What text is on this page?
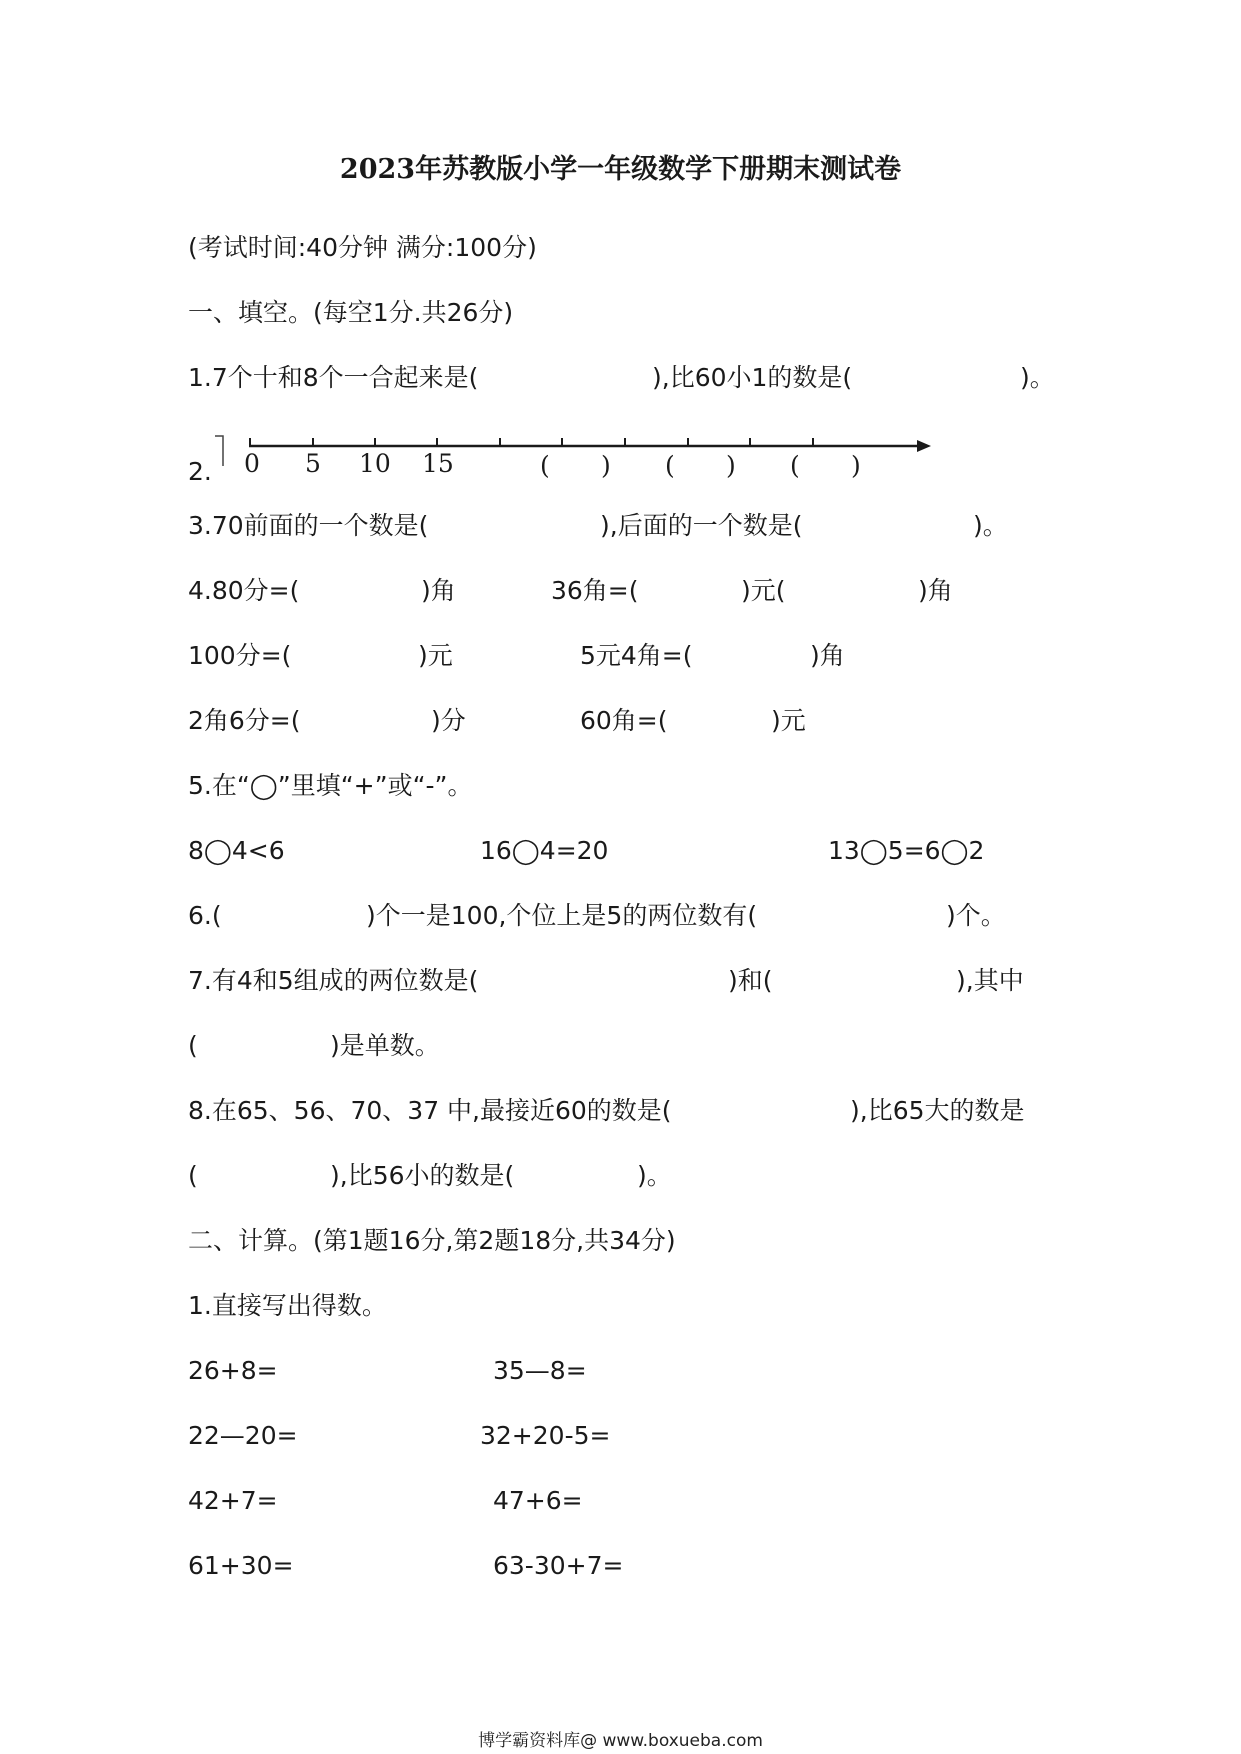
2023年苏教版小学一年级数学下册期末测试卷
(考试时间:40分钟 满分:100分)
一、填空。(每空1分.共26分)
1.7个十和8个一合起来是(	),比60小1的数是(	)。
2. 0 5 10 15	( ) ( ) ( )
3.70前面的一个数是(	),后面的一个数是(	)。
4.80分=(	)角	36角=(	)元(	)角
100分=(	)元	5元4角=(	)角
2角6分=(	)分	60角=(	)元
5.在“◯”里填“+”或“-”。
8◯4<6	16◯4=20	13◯5=6◯2
6.(	)个一是100,个位上是5的两位数有(	)个。
7.有4和5组成的两位数是(	)和(	),其中
(	)是单数。
8.在65、56、70、37 中,最接近60的数是(	),比65大的数是
(	),比56小的数是(	)。
二、计算。(第1题16分,第2题18分,共34分)
1.直接写出得数。
26+8=	35—8=
22—20=	32+20-5=
42+7=	47+6=
61+30=	63-30+7=
博学霸资料库@ www.boxueba.com
